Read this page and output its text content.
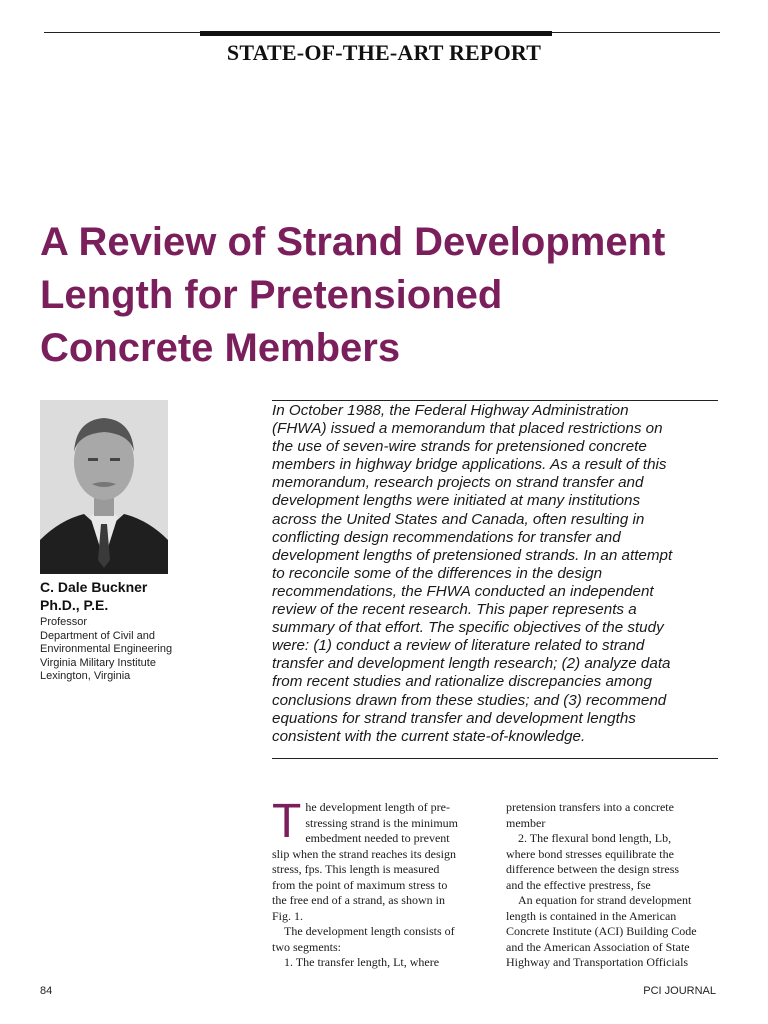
STATE-OF-THE-ART REPORT
A Review of Strand Development
Length for Pretensioned
Concrete Members
C. Dale Buckner
Ph.D., P.E.
Professor
Department of Civil and
Environmental Engineering
Virginia Military Institute
Lexington, Virginia
In October 1988, the Federal Highway Administration
(FHWA) issued a memorandum that placed restrictions on
the use of seven-wire strands for pretensioned concrete
members in highway bridge applications. As a result of this
memorandum, research projects on strand transfer and
development lengths were initiated at many institutions
across the United States and Canada, often resulting in
conflicting design recommendations for transfer and
development lengths of pretensioned strands. In an attempt
to reconcile some of the differences in the design
recommendations, the FHWA conducted an independent
review of the recent research. This paper represents a
summary of that effort. The specific objectives of the study
were: (1) conduct a review of literature related to strand
transfer and development length research; (2) analyze data
from recent studies and rationalize discrepancies among
conclusions drawn from these studies; and (3) recommend
equations for strand transfer and development lengths
consistent with the current state-of-knowledge.
T he development length of pre-
stressing strand is the minimum
embedment needed to prevent
slip when the strand reaches its design
stress, fps. This length is measured
from the point of maximum stress to
the free end of a strand, as shown in
Fig. 1.
The development length consists of
two segments:
1. The transfer length, Lt, where
pretension transfers into a concrete
member
2. The flexural bond length, Lb,
where bond stresses equilibrate the
difference between the design stress
and the effective prestress, fse
An equation for strand development
length is contained in the American
Concrete Institute (ACI) Building Code
and the American Association of State
Highway and Transportation Officials
84	PCI JOURNAL
